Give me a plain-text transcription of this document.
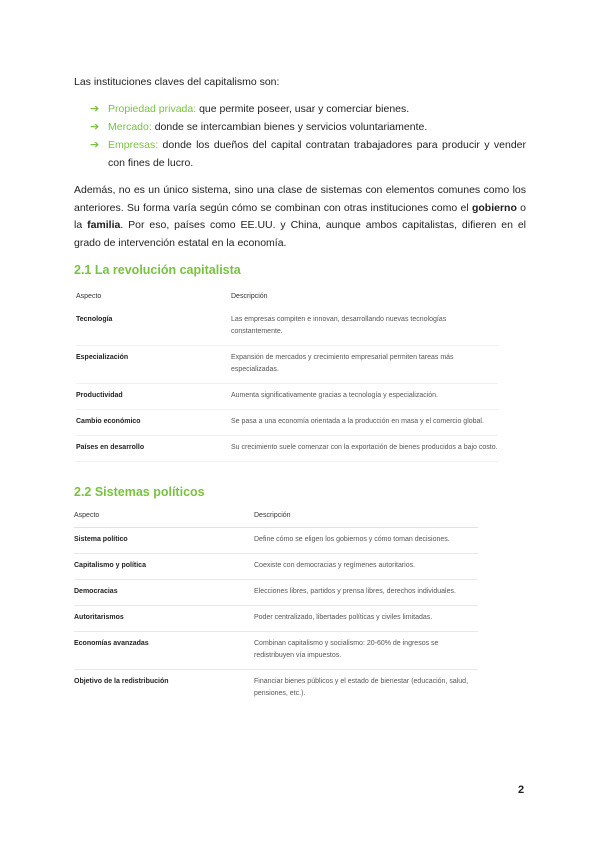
Las instituciones claves del capitalismo son:
➔ Propiedad privada: que permite poseer, usar y comerciar bienes.
➔ Mercado: donde se intercambian bienes y servicios voluntariamente.
➔ Empresas: donde los dueños del capital contratan trabajadores para producir y vender con fines de lucro.

Además, no es un único sistema, sino una clase de sistemas con elementos comunes como los anteriores. Su forma varía según cómo se combinan con otras instituciones como el gobierno o la familia. Por eso, países como EE.UU. y China, aunque ambos capitalistas, difieren en el grado de intervención estatal en la economía.

2.1 La revolución capitalista
Aspecto	Descripción
Tecnología	Las empresas compiten e innovan, desarrollando nuevas tecnologías constantemente.
Especialización	Expansión de mercados y crecimiento empresarial permiten tareas más especializadas.
Productividad	Aumenta significativamente gracias a tecnología y especialización.
Cambio económico	Se pasa a una economía orientada a la producción en masa y el comercio global.
Países en desarrollo	Su crecimiento suele comenzar con la exportación de bienes producidos a bajo costo.
2.2 Sistemas políticos
Aspecto	Descripción
Sistema político	Define cómo se eligen los gobiernos y cómo toman decisiones.
Capitalismo y política	Coexiste con democracias y regímenes autoritarios.
Democracias	Elecciones libres, partidos y prensa libres, derechos individuales.
Autoritarismos	Poder centralizado, libertades políticas y civiles limitadas.
Economías avanzadas	Combinan capitalismo y socialismo: 20-60% de ingresos se redistribuyen vía impuestos.
Objetivo de la redistribución	Financiar bienes públicos y el estado de bienestar (educación, salud, pensiones, etc.).
2
